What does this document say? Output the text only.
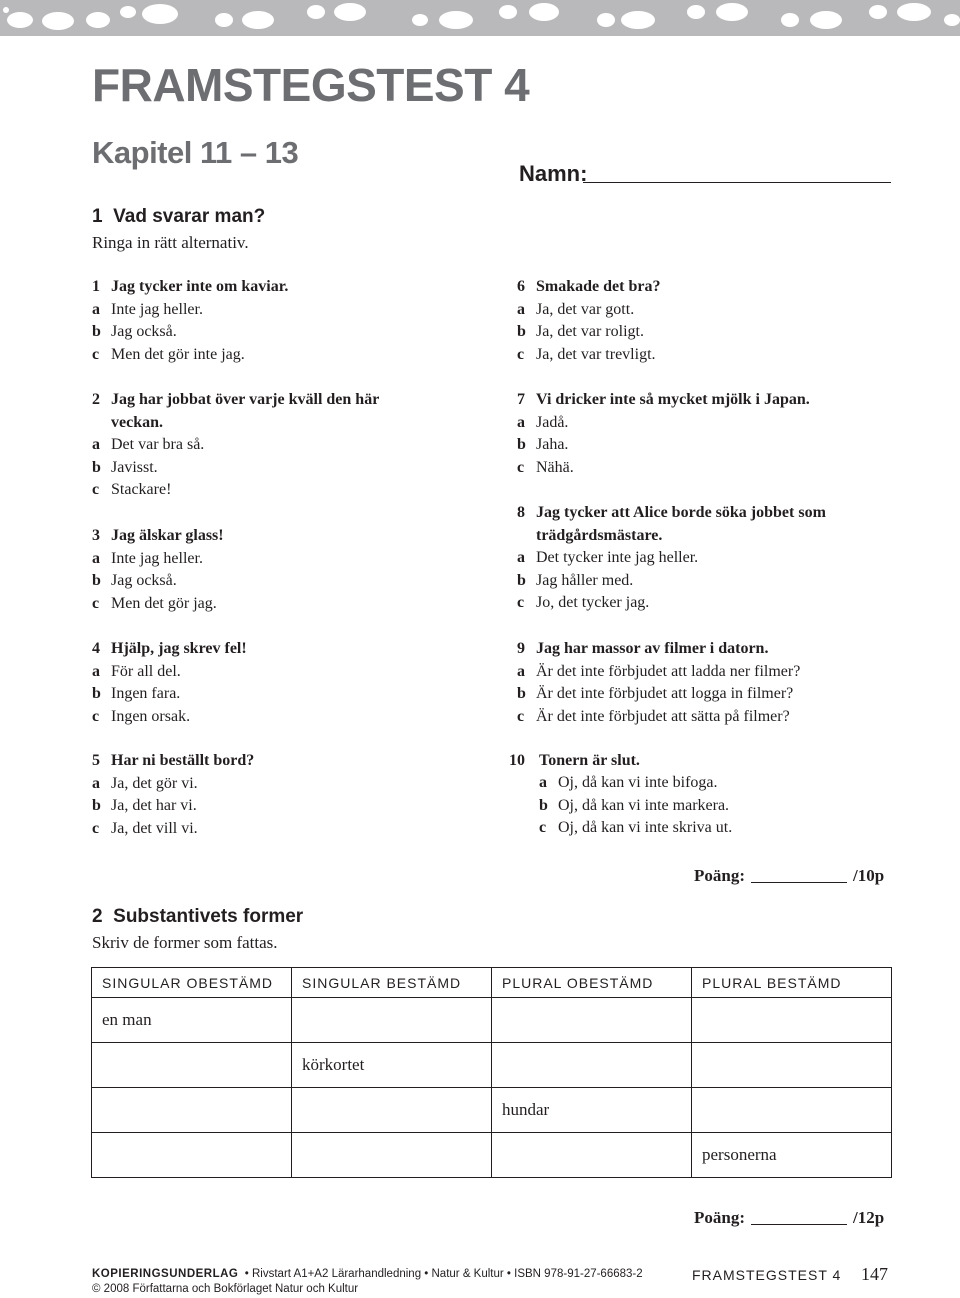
FRAMSTEGSTEST 4
Kapitel 11 – 13
Namn:
1 Vad svarar man?
Ringa in rätt alternativ.
1 Jag tycker inte om kaviar.
a Inte jag heller.
b Jag också.
c Men det gör inte jag.
2 Jag har jobbat över varje kväll den här veckan.
a Det var bra så.
b Javisst.
c Stackare!
3 Jag älskar glass!
a Inte jag heller.
b Jag också.
c Men det gör jag.
4 Hjälp, jag skrev fel!
a För all del.
b Ingen fara.
c Ingen orsak.
5 Har ni beställt bord?
a Ja, det gör vi.
b Ja, det har vi.
c Ja, det vill vi.
6 Smakade det bra?
a Ja, det var gott.
b Ja, det var roligt.
c Ja, det var trevligt.
7 Vi dricker inte så mycket mjölk i Japan.
a Jadå.
b Jaha.
c Nähä.
8 Jag tycker att Alice borde söka jobbet som trädgårdsmästare.
a Det tycker inte jag heller.
b Jag håller med.
c Jo, det tycker jag.
9 Jag har massor av filmer i datorn.
a Är det inte förbjudet att ladda ner filmer?
b Är det inte förbjudet att logga in filmer?
c Är det inte förbjudet att sätta på filmer?
10 Tonern är slut.
a Oj, då kan vi inte bifoga.
b Oj, då kan vi inte markera.
c Oj, då kan vi inte skriva ut.
Poäng:	/10p
2 Substantivets former
Skriv de former som fattas.
SINGULAR OBESTÄMD	SINGULAR BESTÄMD	PLURAL OBESTÄMD	PLURAL BESTÄMD
en man			
	körkortet		
		hundar	
			personerna
Poäng:	/12p
KOPIERINGSUNDERLAG • Rivstart A1+A2 Lärarhandledning • Natur & Kultur • ISBN 978-91-27-66683-2
© 2008 Författarna och Bokförlaget Natur och Kultur
FRAMSTEGSTEST 4 147
